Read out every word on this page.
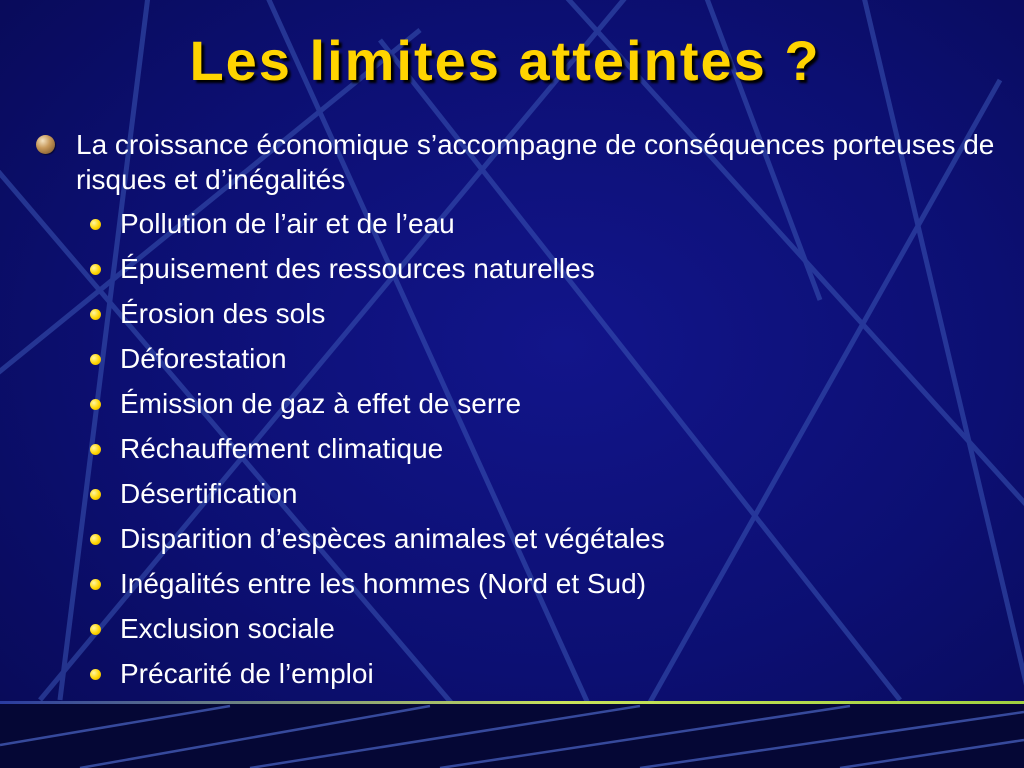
Les limites atteintes ?
La croissance économique s’accompagne de conséquences porteuses de risques et d’inégalités
Pollution de l’air et de l’eau
Épuisement des ressources naturelles
Érosion des sols
Déforestation
Émission de gaz à effet de serre
Réchauffement climatique
Désertification
Disparition d’espèces animales et végétales
Inégalités entre les hommes (Nord et Sud)
Exclusion sociale
Précarité de l’emploi
